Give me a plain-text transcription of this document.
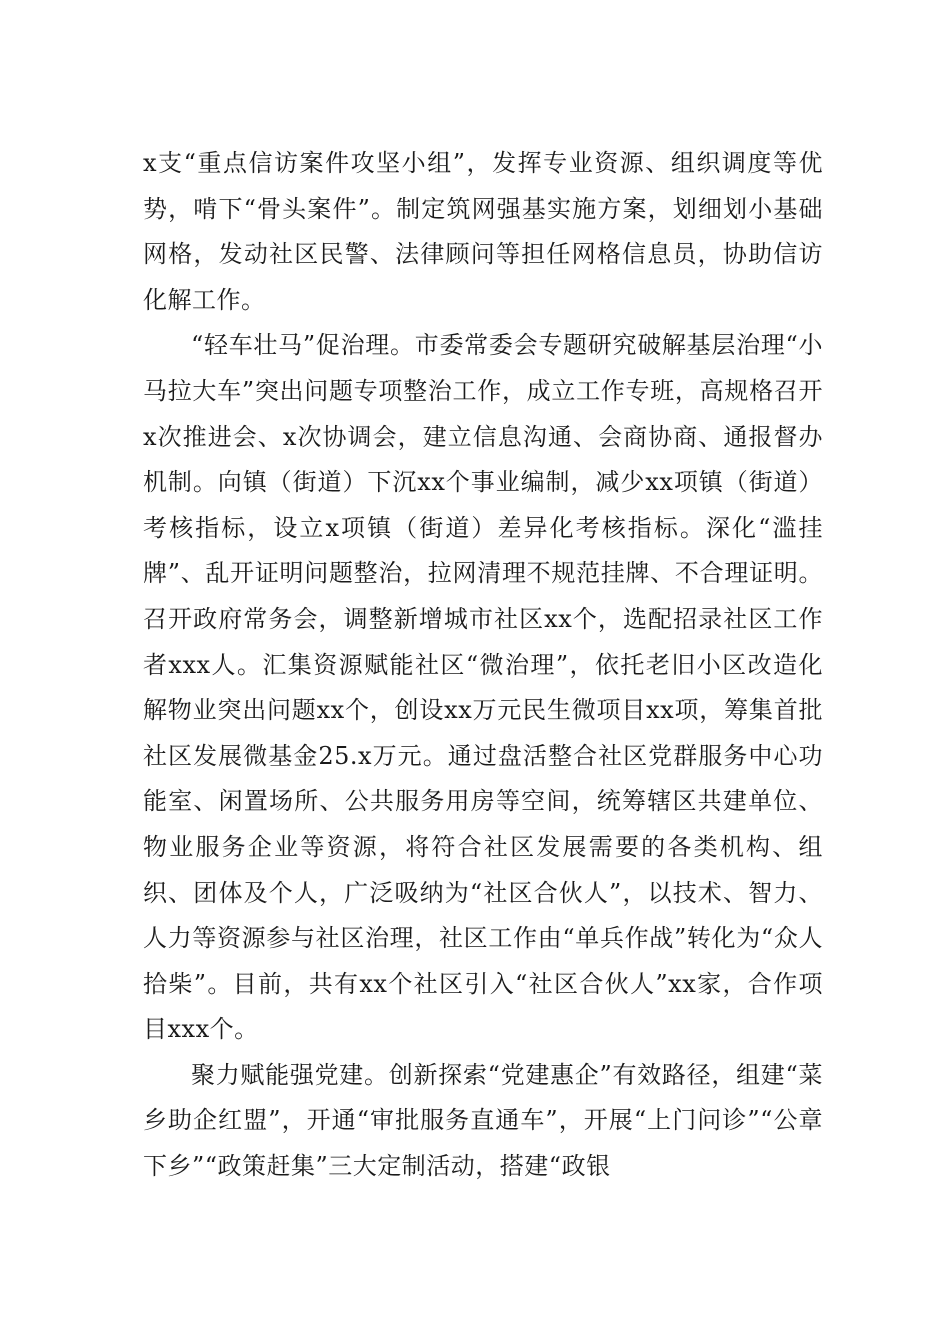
x支“重点信访案件攻坚小组”，发挥专业资源、组织调度等优势，啃下“骨头案件”。制定筑网强基实施方案，划细划小基础网格，发动社区民警、法律顾问等担任网格信息员，协助信访化解工作。

“轻车壮马”促治理。市委常委会专题研究破解基层治理“小马拉大车”突出问题专项整治工作，成立工作专班，高规格召开x次推进会、x次协调会，建立信息沟通、会商协商、通报督办机制。向镇（街道）下沉xx个事业编制，减少xx项镇（街道）考核指标，设立x项镇（街道）差异化考核指标。深化“滥挂牌”、乱开证明问题整治，拉网清理不规范挂牌、不合理证明。召开政府常务会，调整新增城市社区xx个，选配招录社区工作者xxx人。汇集资源赋能社区“微治理”，依托老旧小区改造化解物业突出问题xx个，创设xx万元民生微项目xx项，筹集首批社区发展微基金25.x万元。通过盘活整合社区党群服务中心功能室、闲置场所、公共服务用房等空间，统筹辖区共建单位、物业服务企业等资源，将符合社区发展需要的各类机构、组织、团体及个人，广泛吸纳为“社区合伙人”，以技术、智力、人力等资源参与社区治理，社区工作由“单兵作战”转化为“众人拾柴”。目前，共有xx个社区引入“社区合伙人”xx家，合作项目xxx个。

聚力赋能强党建。创新探索“党建惠企”有效路径，组建“菜乡助企红盟”，开通“审批服务直通车”，开展“上门问诊”“公章下乡”“政策赶集”三大定制活动，搭建“政银
